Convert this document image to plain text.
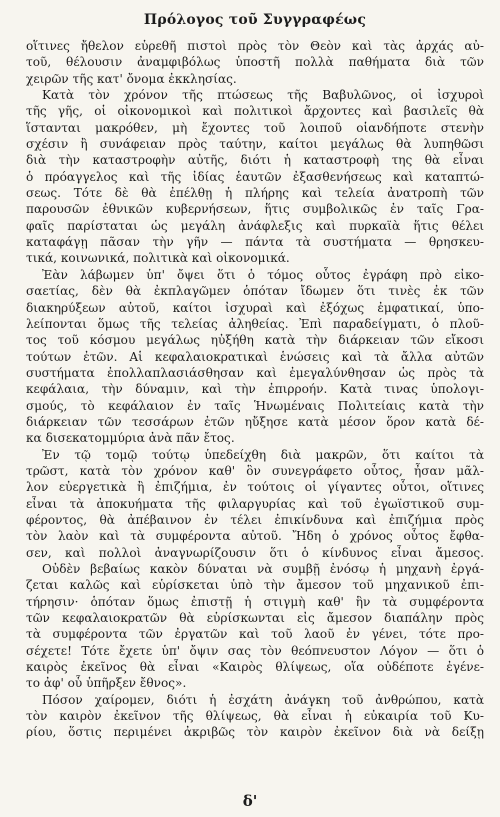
Πρόλογος τοῦ Συγγραφέως
οἵτινες ἤθελον εὑρεθῆ πιστοὶ πρὸς τὸν Θεὸν καὶ τὰς ἀρχάς αὐ-
τοῦ, θέλουσιν ἀναμφιβόλως ὑποστῆ πολλὰ παθήματα διὰ τῶν
χειρῶν τῆς κατ' ὄνομα ἐκκλησίας.
Κατὰ τὸν χρόνον τῆς πτώσεως τῆς Βαβυλῶνος, οἱ ἰσχυροὶ
τῆς γῆς, οἱ οἰκονομικοὶ καὶ πολιτικοὶ ἄρχοντες καὶ βασιλεῖς θὰ
ἵστανται μακρόθεν, μὴ ἔχοντες τοῦ λοιποῦ οἱανδήποτε στενὴν
σχέσιν ἢ συνάφειαν πρὸς ταύτην, καίτοι μεγάλως θὰ λυπηθῶσι
διὰ τὴν καταστροφὴν αὐτῆς, διότι ἡ καταστροφὴ της θὰ εἶναι
ὁ πρόαγγελος καὶ τῆς ἰδίας ἑαυτῶν ἐξασθενήσεως καὶ καταπτώ-
σεως. Τότε δὲ θὰ ἐπέλθῃ ἡ πλήρης καὶ τελεία ἀνατροπὴ τῶν
παρουσῶν ἐθνικῶν κυβερνήσεων, ἥτις συμβολικῶς ἐν ταῖς Γρα-
φαῖς παρίσταται ὡς μεγάλη ἀνάφλεξις καὶ πυρκαϊὰ ἥτις θέλει
καταφάγῃ πᾶσαν τὴν γῆν — πάντα τὰ συστήματα — θρησκευ-
τικά, κοινωνικά, πολιτικὰ καὶ οἰκονομικά.
Ἐὰν λάβωμεν ὑπ' ὄψει ὅτι ὁ τόμος οὗτος ἐγράφη πρὸ εἰκο-
σαετίας, δὲν θὰ ἐκπλαγῶμεν ὁπόταν ἴδωμεν ὅτι τινὲς ἐκ τῶν
διακηρύξεων αὐτοῦ, καίτοι ἰσχυραὶ καὶ ἐξόχως ἐμφατικαί, ὑπο-
λείπονται ὅμως τῆς τελείας ἀληθείας. Ἐπὶ παραδείγματι, ὁ πλοῦ-
τος τοῦ κόσμου μεγάλως ηὐξήθη κατὰ τὴν διάρκειαν τῶν εἴκοσι
τούτων ἐτῶν. Αἱ κεφαλαιοκρατικαὶ ἑνώσεις καὶ τὰ ἄλλα αὐτῶν
συστήματα ἐπολλαπλασιάσθησαν καὶ ἐμεγαλύνθησαν ὡς πρὸς τὰ
κεφάλαια, τὴν δύναμιν, καὶ τὴν ἐπιρροήν. Κατὰ τινας ὑπολογι-
σμούς, τὸ κεφάλαιον ἐν ταῖς Ἡνωμέναις Πολιτείαις κατὰ τὴν
διάρκειαν τῶν τεσσάρων ἐτῶν ηὔξησε κατὰ μέσον ὅρον κατὰ δέ-
κα δισεκατομμύρια ἀνὰ πᾶν ἔτος.
Ἐν τῷ τομῷ τούτῳ ὑπεδείχθη διὰ μακρῶν, ὅτι καίτοι τὰ
τρῶστ, κατὰ τὸν χρόνον καθ' ὃν συνεγράφετο οὗτος, ἦσαν μᾶλ-
λον εὐεργετικὰ ἢ ἐπιζήμια, ἐν τούτοις οἱ γίγαντες οὗτοι, οἵτινες
εἶναι τὰ ἀποκυήματα τῆς φιλαργυρίας καὶ τοῦ ἐγωϊστικοῦ συμ-
φέροντος, θὰ ἀπέβαινον ἐν τέλει ἐπικίνδυνα καὶ ἐπιζήμια πρὸς
τὸν λαὸν καὶ τὰ συμφέροντα αὐτοῦ. Ἤδη ὁ χρόνος οὗτος ἔφθα-
σεν, καὶ πολλοὶ ἀναγνωρίζουσιν ὅτι ὁ κίνδυνος εἶναι ἄμεσος.
Οὐδὲν βεβαίως κακὸν δύναται νὰ συμβῇ ἐνόσῳ ἡ μηχανὴ ἐργά-
ζεται καλῶς καὶ εὑρίσκεται ὑπὸ τὴν ἄμεσον τοῦ μηχανικοῦ ἐπι-
τήρησιν· ὁπόταν ὅμως ἐπιστῇ ἡ στιγμὴ καθ' ἣν τὰ συμφέροντα
τῶν κεφαλαιοκρατῶν θὰ εὑρίσκωνται εἰς ἄμεσον διαπάλην πρὸς
τὰ συμφέροντα τῶν ἐργατῶν καὶ τοῦ λαοῦ ἐν γένει, τότε προ-
σέχετε! Τότε ἔχετε ὑπ' ὄψιν σας τὸν θεόπνευστον Λόγον — ὅτι ὁ
καιρὸς ἐκεῖνος θὰ εἶναι «Καιρὸς θλίψεως, οἵα οὐδέποτε ἐγένε-
το ἀφ' οὗ ὑπῆρξεν ἔθνος».
Πόσον χαίρομεν, διότι ἡ ἐσχάτη ἀνάγκη τοῦ ἀνθρώπου, κατὰ
τὸν καιρὸν ἐκεῖνον τῆς θλίψεως, θὰ εἶναι ἡ εὐκαιρία τοῦ Κυ-
ρίου, ὅστις περιμένει ἀκριβῶς τὸν καιρὸν ἐκεῖνον διὰ νὰ δείξῃ
δ'
